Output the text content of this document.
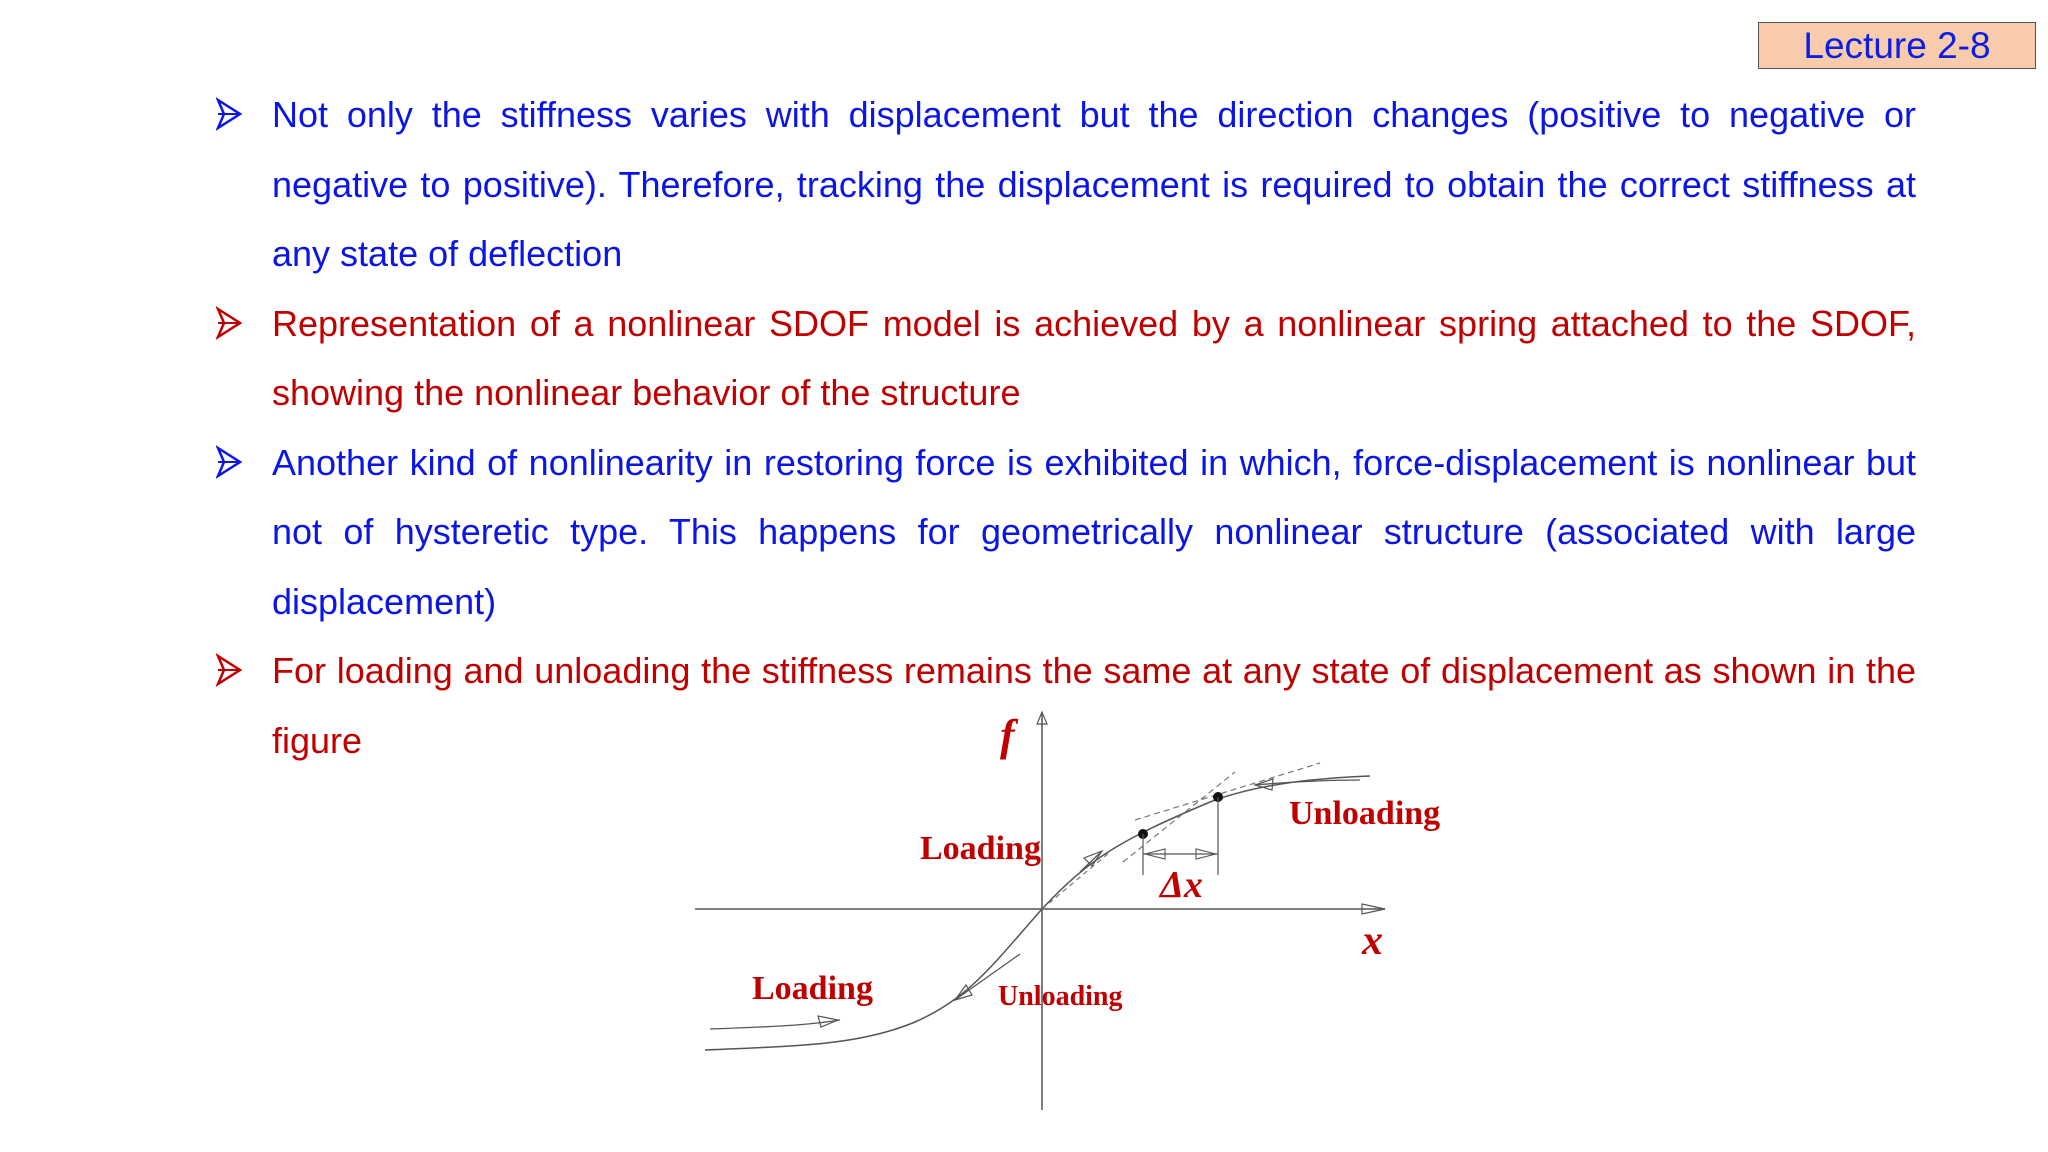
Lecture 2-8
Not only the stiffness varies with displacement but the direction changes (positive to negative or negative to positive). Therefore, tracking the displacement is required to obtain the correct stiffness at any state of deflection
Representation of a nonlinear SDOF model is achieved by a nonlinear spring attached to the SDOF, showing the nonlinear behavior of the structure
Another kind of nonlinearity in restoring force is exhibited in which, force-displacement is nonlinear but not of hysteretic type. This happens for geometrically nonlinear structure (associated with large displacement)
For loading and unloading the stiffness remains the same at any state of displacement as shown in the figure	f
x
Δx
Loading
Unloading
Loading	Unloading
